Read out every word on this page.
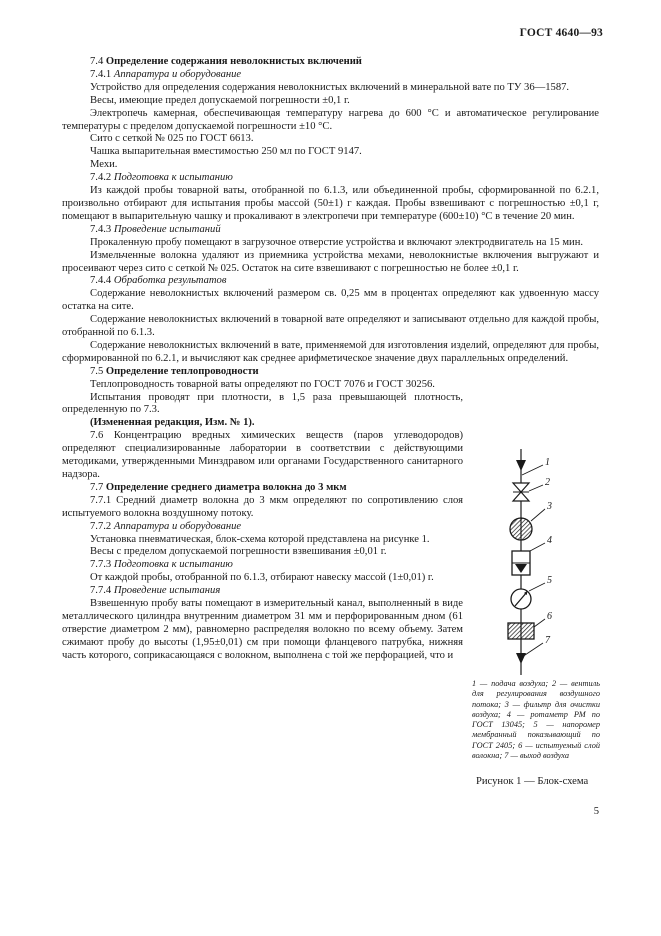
ГОСТ 4640—93
7.4 Определение содержания неволокнистых включений
7.4.1 Аппаратура и оборудование
Устройство для определения содержания неволокнистых включений в минеральной вате по ТУ 36—1587.
Весы, имеющие предел допускаемой погрешности ±0,1 г.
Электропечь камерная, обеспечивающая температуру нагрева до 600 °С и автоматическое регулирование температуры с пределом допускаемой погрешности ±10 °С.
Сито с сеткой № 025 по ГОСТ 6613.
Чашка выпарительная вместимостью 250 мл по ГОСТ 9147.
Мехи.
7.4.2 Подготовка к испытанию
Из каждой пробы товарной ваты, отобранной по 6.1.3, или объединенной пробы, сформированной по 6.2.1, произвольно отбирают для испытания пробы массой (50±1) г каждая. Пробы взвешивают с погрешностью ±0,1 г, помещают в выпарительную чашку и прокаливают в электропечи при температуре (600±10) °С в течение 20 мин.
7.4.3 Проведение испытаний
Прокаленную пробу помещают в загрузочное отверстие устройства и включают электродвигатель на 15 мин.
Измельченные волокна удаляют из приемника устройства мехами, неволокнистые включения выгружают и просеивают через сито с сеткой № 025. Остаток на сите взвешивают с погрешностью не более ±0,1 г.
7.4.4 Обработка результатов
Содержание неволокнистых включений размером св. 0,25 мм в процентах определяют как удвоенную массу остатка на сите.
Содержание неволокнистых включений в товарной вате определяют и записывают отдельно для каждой пробы, отобранной по 6.1.3.
Содержание неволокнистых включений в вате, применяемой для изготовления изделий, определяют для пробы, сформированной по 6.2.1, и вычисляют как среднее арифметическое значение двух параллельных определений.
7.5 Определение теплопроводности
Теплопроводность товарной ваты определяют по ГОСТ 7076 и ГОСТ 30256.
Испытания проводят при плотности, в 1,5 раза превышающей плотность, определенную по 7.3.
(Измененная редакция, Изм. № 1).
7.6 Концентрацию вредных химических веществ (паров углеводородов) определяют специализированные лаборатории в соответствии с действующими методиками, утвержденными Минздравом или органами Государственного санитарного надзора.
7.7 Определение среднего диаметра волокна до 3 мкм
7.7.1 Средний диаметр волокна до 3 мкм определяют по сопротивлению слоя испытуемого волокна воздушному потоку.
7.7.2 Аппаратура и оборудование
Установка пневматическая, блок-схема которой представлена на рисунке 1.
Весы с пределом допускаемой погрешности взвешивания ±0,01 г.
7.7.3 Подготовка к испытанию
От каждой пробы, отобранной по 6.1.3, отбирают навеску массой (1±0,01) г.
7.7.4 Проведение испытания
Взвешенную пробу ваты помещают в измерительный канал, выполненный в виде металлического цилиндра внутренним диаметром 31 мм и перфорированным дном (61 отверстие диаметром 2 мм), равномерно распределяя волокно по всему объему. Затем сжимают пробу до высоты (1,95±0,01) см при помощи фланцевого патрубка, нижняя часть которого, соприкасающаяся с волокном, выполнена с той же перфорацией, что и
1
2
3
4
5
6
7
1 — подача воздуха; 2 — вентиль для регулирования воздушного потока; 3 — фильтр для очистки воздуха; 4 — ротаметр РМ по ГОСТ 13045; 5 — напоромер мембранный показывающий по ГОСТ 2405; 6 — испытуемый слой волокна; 7 — выход воздуха
Рисунок 1 — Блок-схема
5
